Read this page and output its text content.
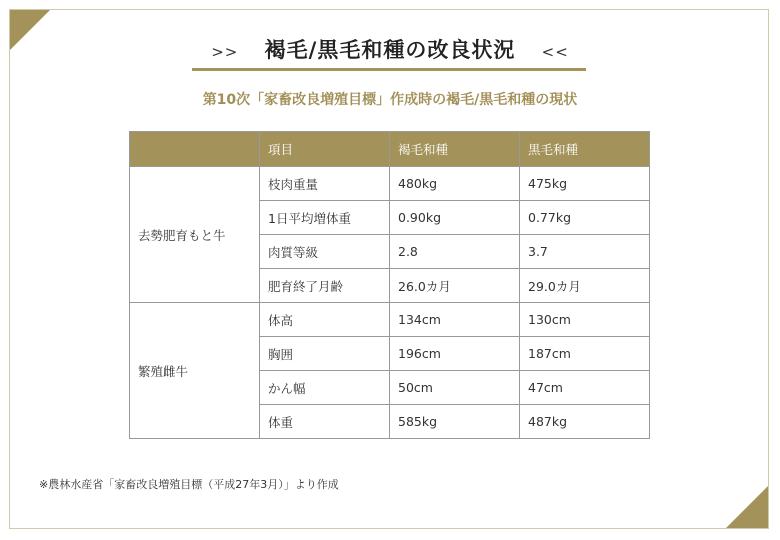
>> 褐毛/黒毛和種の改良状況 <<
第10次「家畜改良増殖目標」作成時の褐毛/黒毛和種の現状
	項目	褐毛和種	黒毛和種
去勢肥育もと牛	枝肉重量	480kg	475kg
	1日平均増体重	0.90kg	0.77kg
	肉質等級	2.8	3.7
	肥育終了月齢	26.0カ月	29.0カ月
繁殖雌牛	体高	134cm	130cm
	胸囲	196cm	187cm
	かん幅	50cm	47cm
	体重	585kg	487kg
※農林水産省「家畜改良増殖目標（平成27年3月）」より作成
